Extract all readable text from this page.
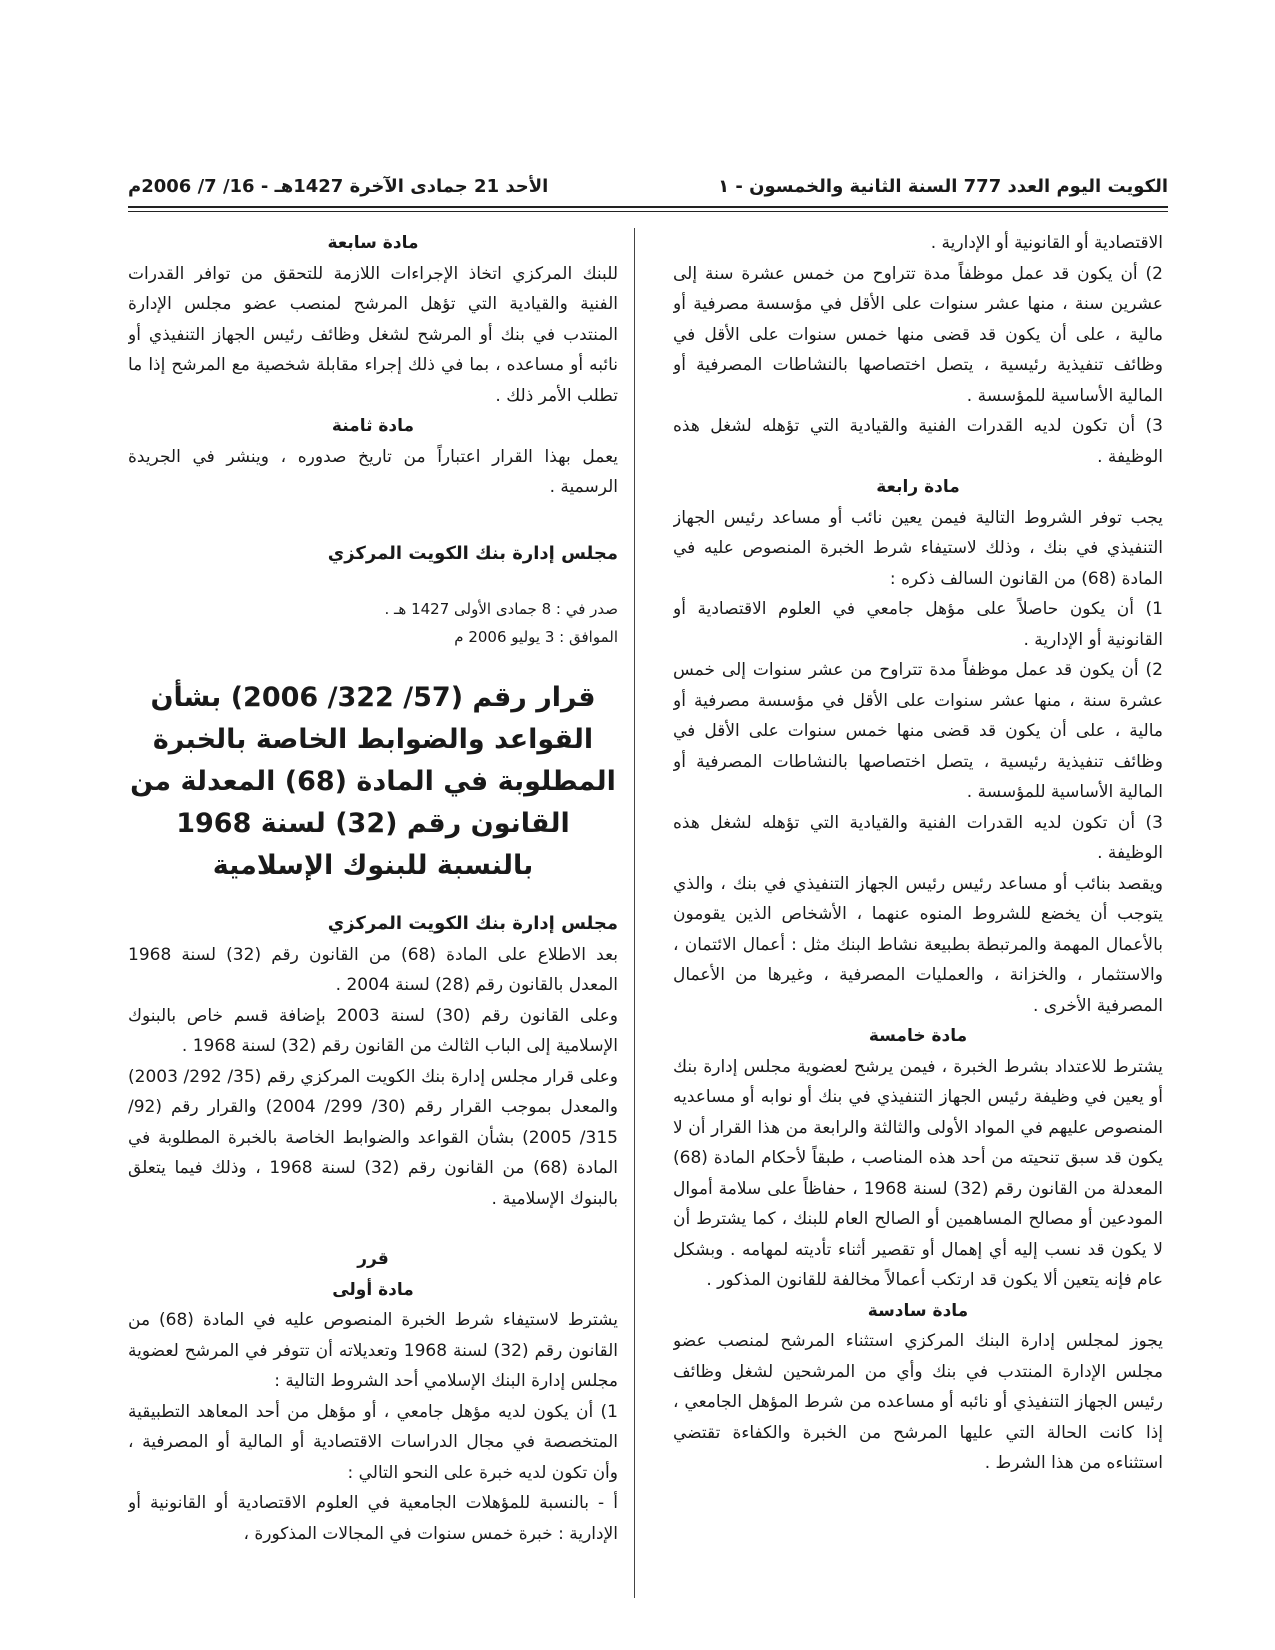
الكويت اليوم العدد 777 السنة الثانية والخمسون - ١
الأحد 21 جمادى الآخرة 1427هـ - 16/ 7/ 2006م

الاقتصادية أو القانونية أو الإدارية .

2) أن يكون قد عمل موظفاً مدة تتراوح من خمس عشرة سنة إلى عشرين سنة ، منها عشر سنوات على الأقل في مؤسسة مصرفية أو مالية ، على أن يكون قد قضى منها خمس سنوات على الأقل في وظائف تنفيذية رئيسية ، يتصل اختصاصها بالنشاطات المصرفية أو المالية الأساسية للمؤسسة .

3) أن تكون لديه القدرات الفنية والقيادية التي تؤهله لشغل هذه الوظيفة .

مادة رابعة

يجب توفر الشروط التالية فيمن يعين نائب أو مساعد رئيس الجهاز التنفيذي في بنك ، وذلك لاستيفاء شرط الخبرة المنصوص عليه في المادة (68) من القانون السالف ذكره :

1) أن يكون حاصلاً على مؤهل جامعي في العلوم الاقتصادية أو القانونية أو الإدارية .

2) أن يكون قد عمل موظفاً مدة تتراوح من عشر سنوات إلى خمس عشرة سنة ، منها عشر سنوات على الأقل في مؤسسة مصرفية أو مالية ، على أن يكون قد قضى منها خمس سنوات على الأقل في وظائف تنفيذية رئيسية ، يتصل اختصاصها بالنشاطات المصرفية أو المالية الأساسية للمؤسسة .

3) أن تكون لديه القدرات الفنية والقيادية التي تؤهله لشغل هذه الوظيفة .

ويقصد بنائب أو مساعد رئيس رئيس الجهاز التنفيذي في بنك ، والذي يتوجب أن يخضع للشروط المنوه عنهما ، الأشخاص الذين يقومون بالأعمال المهمة والمرتبطة بطبيعة نشاط البنك مثل : أعمال الائتمان ، والاستثمار ، والخزانة ، والعمليات المصرفية ، وغيرها من الأعمال المصرفية الأخرى .

مادة خامسة

يشترط للاعتداد بشرط الخبرة ، فيمن يرشح لعضوية مجلس إدارة بنك أو يعين في وظيفة رئيس الجهاز التنفيذي في بنك أو نوابه أو مساعديه المنصوص عليهم في المواد الأولى والثالثة والرابعة من هذا القرار أن لا يكون قد سبق تنحيته من أحد هذه المناصب ، طبقاً لأحكام المادة (68) المعدلة من القانون رقم (32) لسنة 1968 ، حفاظاً على سلامة أموال المودعين أو مصالح المساهمين أو الصالح العام للبنك ، كما يشترط أن لا يكون قد نسب إليه أي إهمال أو تقصير أثناء تأديته لمهامه . وبشكل عام فإنه يتعين ألا يكون قد ارتكب أعمالاً مخالفة للقانون المذكور .

مادة سادسة

يجوز لمجلس إدارة البنك المركزي استثناء المرشح لمنصب عضو مجلس الإدارة المنتدب في بنك وأي من المرشحين لشغل وظائف رئيس الجهاز التنفيذي أو نائبه أو مساعده من شرط المؤهل الجامعي ، إذا كانت الحالة التي عليها المرشح من الخبرة والكفاءة تقتضي استثناءه من هذا الشرط .

مادة سابعة

للبنك المركزي اتخاذ الإجراءات اللازمة للتحقق من توافر القدرات الفنية والقيادية التي تؤهل المرشح لمنصب عضو مجلس الإدارة المنتدب في بنك أو المرشح لشغل وظائف رئيس الجهاز التنفيذي أو نائبه أو مساعده ، بما في ذلك إجراء مقابلة شخصية مع المرشح إذا ما تطلب الأمر ذلك .

مادة ثامنة

يعمل بهذا القرار اعتباراً من تاريخ صدوره ، وينشر في الجريدة الرسمية .

مجلس إدارة بنك الكويت المركزي

صدر في : 8 جمادى الأولى 1427 هـ .

الموافق : 3 يوليو 2006 م

قرار رقم (57/ 322/ 2006) بشأن القواعد والضوابط الخاصة بالخبرة المطلوبة في المادة (68) المعدلة من القانون رقم (32) لسنة 1968 بالنسبة للبنوك الإسلامية

مجلس إدارة بنك الكويت المركزي

بعد الاطلاع على المادة (68) من القانون رقم (32) لسنة 1968 المعدل بالقانون رقم (28) لسنة 2004 .

وعلى القانون رقم (30) لسنة 2003 بإضافة قسم خاص بالبنوك الإسلامية إلى الباب الثالث من القانون رقم (32) لسنة 1968 .

وعلى قرار مجلس إدارة بنك الكويت المركزي رقم (35/ 292/ 2003) والمعدل بموجب القرار رقم (30/ 299/ 2004) والقرار رقم (92/ 315/ 2005) بشأن القواعد والضوابط الخاصة بالخبرة المطلوبة في المادة (68) من القانون رقم (32) لسنة 1968 ، وذلك فيما يتعلق بالبنوك الإسلامية .

قرر

مادة أولى

يشترط لاستيفاء شرط الخبرة المنصوص عليه في المادة (68) من القانون رقم (32) لسنة 1968 وتعديلاته أن تتوفر في المرشح لعضوية مجلس إدارة البنك الإسلامي أحد الشروط التالية :

1) أن يكون لديه مؤهل جامعي ، أو مؤهل من أحد المعاهد التطبيقية المتخصصة في مجال الدراسات الاقتصادية أو المالية أو المصرفية ، وأن تكون لديه خبرة على النحو التالي :

أ - بالنسبة للمؤهلات الجامعية في العلوم الاقتصادية أو القانونية أو الإدارية : خبرة خمس سنوات في المجالات المذكورة ،
